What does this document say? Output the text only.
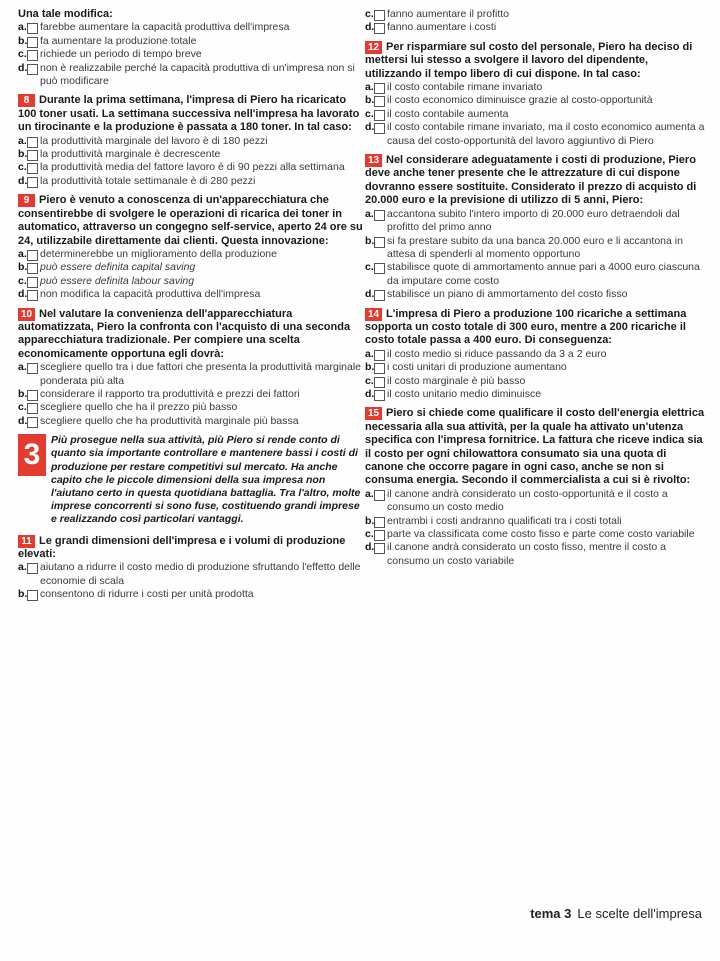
Una tale modifica:
a. farebbe aumentare la capacità produttiva dell'impresa
b. fa aumentare la produzione totale
c. richiede un periodo di tempo breve
d. non è realizzabile perché la capacità produttiva di un'impresa non si può modificare
8 Durante la prima settimana, l'impresa di Piero ha ricaricato 100 toner usati. La settimana successiva nell'impresa ha lavorato un tirocinante e la produzione è passata a 180 toner. In tal caso:
a. la produttività marginale del lavoro è di 180 pezzi
b. la produttività marginale è decrescente
c. la produttività media del fattore lavoro è di 90 pezzi alla settimana
d. la produttività totale settimanale è di 280 pezzi
9 Piero è venuto a conoscenza di un'apparecchiatura che consentirebbe di svolgere le operazioni di ricarica dei toner in automatico, attraverso un congegno self-service, aperto 24 ore su 24, utilizzabile direttamente dai clienti. Questa innovazione:
a. determinerebbe un miglioramento della produzione
b. può essere definita capital saving
c. può essere definita labour saving
d. non modifica la capacità produttiva dell'impresa
10 Nel valutare la convenienza dell'apparecchiatura automatizzata, Piero la confronta con l'acquisto di una seconda apparecchiatura tradizionale. Per compiere una scelta economicamente opportuna egli dovrà:
a. scegliere quello tra i due fattori che presenta la produttività marginale ponderata più alta
b. considerare il rapporto tra produttività e prezzi dei fattori
c. scegliere quello che ha il prezzo più basso
d. scegliere quello che ha produttività marginale più bassa
3	Più prosegue nella sua attività, più Piero si rende conto di quanto sia importante controllare e mantenere bassi i costi di produzione per restare competitivi sul mercato. Ha anche capito che le piccole dimensioni della sua impresa non l'aiutano certo in questa quotidiana battaglia. Tra l'altro, molte imprese concorrenti si sono fuse, costituendo grandi imprese e realizzando così particolari vantaggi.
11 Le grandi dimensioni dell'impresa e i volumi di produzione elevati:
a. aiutano a ridurre il costo medio di produzione sfruttando l'effetto delle economie di scala
b. consentono di ridurre i costi per unità prodotta
c. fanno aumentare il profitto
d. fanno aumentare i costi
12 Per risparmiare sul costo del personale, Piero ha deciso di mettersi lui stesso a svolgere il lavoro del dipendente, utilizzando il tempo libero di cui dispone. In tal caso:
a. il costo contabile rimane invariato
b. il costo economico diminuisce grazie al costo-opportunità
c. il costo contabile aumenta
d. il costo contabile rimane invariato, ma il costo economico aumenta a causa del costo-opportunità del lavoro aggiuntivo di Piero
13 Nel considerare adeguatamente i costi di produzione, Piero deve anche tener presente che le attrezzature di cui dispone dovranno essere sostituite. Considerato il prezzo di acquisto di 20.000 euro e la previsione di utilizzo di 5 anni, Piero:
a. accantona subito l'intero importo di 20.000 euro detraendoli dal profitto del primo anno
b. si fa prestare subito da una banca 20.000 euro e li accantona in attesa di spenderli al momento opportuno
c. stabilisce quote di ammortamento annue pari a 4000 euro ciascuna da imputare come costo
d. stabilisce un piano di ammortamento del costo fisso
14 L'impresa di Piero a produzione 100 ricariche a settimana sopporta un costo totale di 300 euro, mentre a 200 ricariche il costo totale passa a 400 euro. Di conseguenza:
a. il costo medio si riduce passando da 3 a 2 euro
b. i costi unitari di produzione aumentano
c. il costo marginale è più basso
d. il costo unitario medio diminuisce
15 Piero si chiede come qualificare il costo dell'energia elettrica necessaria alla sua attività, per la quale ha attivato un'utenza specifica con l'impresa fornitrice. La fattura che riceve indica sia il costo per ogni chilowattora consumato sia una quota di canone che occorre pagare in ogni caso, anche se non si consuma energia. Secondo il commercialista a cui si è rivolto:
a. il canone andrà considerato un costo-opportunità e il costo a consumo un costo medio
b. entrambi i costi andranno qualificati tra i costi totali
c. parte va classificata come costo fisso e parte come costo variabile
d. il canone andrà considerato un costo fisso, mentre il costo a consumo un costo variabile
tema 3 Le scelte dell'impresa
